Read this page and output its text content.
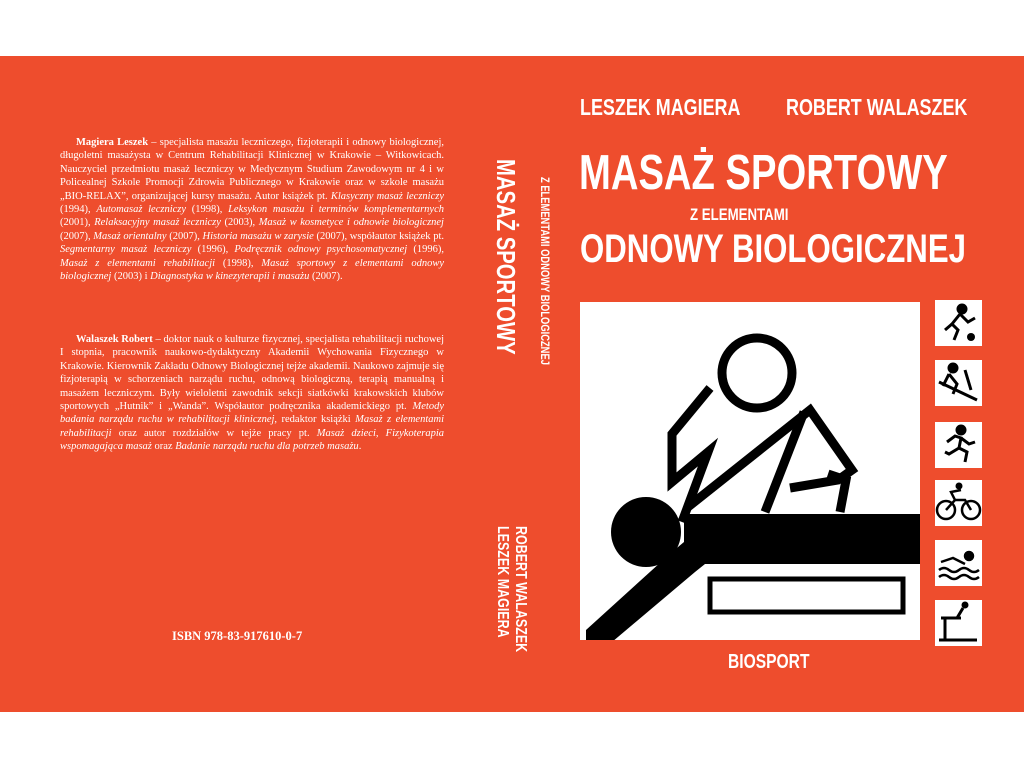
Magiera Leszek – specjalista masażu leczniczego, fizjoterapii i odnowy biologicznej, długoletni masażysta w Centrum Rehabilitacji Klinicznej w Krakowie – Witkowicach. Nauczyciel przedmiotu masaż leczniczy w Medycznym Studium Zawodowym nr 4 i w Policealnej Szkole Promocji Zdrowia Publicznego w Krakowie oraz w szkole masażu „BIO-RELAX”, organizującej kursy masażu. Autor książek pt. Klasyczny masaż leczniczy (1994), Automasaż leczniczy (1998), Leksykon masażu i terminów komplementarnych (2001), Relaksacyjny masaż leczniczy (2003), Masaż w kosmetyce i odnowie biologicznej (2007), Masaż orientalny (2007), Historia masażu w zarysie (2007), współautor książek pt. Segmentarny masaż leczniczy (1996), Podręcznik odnowy psychosomatycznej (1996), Masaż z elementami rehabilitacji (1998), Masaż sportowy z elementami odnowy biologicznej (2003) i Diagnostyka w kinezyterapii i masażu (2007).

Walaszek Robert – doktor nauk o kulturze fizycznej, specjalista rehabilitacji ruchowej I stopnia, pracownik naukowo-dydaktyczny Akademii Wychowania Fizycznego w Krakowie. Kierownik Zakładu Odnowy Biologicznej tejże akademii. Naukowo zajmuje się fizjoterapią w schorzeniach narządu ruchu, odnową biologiczną, terapią manualną i masażem leczniczym. Były wieloletni zawodnik sekcji siatkówki krakowskich klubów sportowych „Hutnik” i „Wanda”. Współautor podręcznika akademickiego pt. Metody badania narządu ruchu w rehabilitacji klinicznej, redaktor książki Masaż z elementami rehabilitacji oraz autor rozdziałów w tejże pracy pt. Masaż dzieci, Fizykoterapia wspomagająca masaż oraz Badanie narządu ruchu dla potrzeb masażu.

ISBN 978-83-917610-0-7
MASAŻ SPORTOWY Z ELEMENTAMI ODNOWY BIOLOGICZNEJ
LESZEK MAGIERA ROBERT WALASZEK
LESZEK MAGIERA ROBERT WALASZEK
MASAŻ SPORTOWY
Z ELEMENTAMI
ODNOWY BIOLOGICZNEJ
BIOSPORT
